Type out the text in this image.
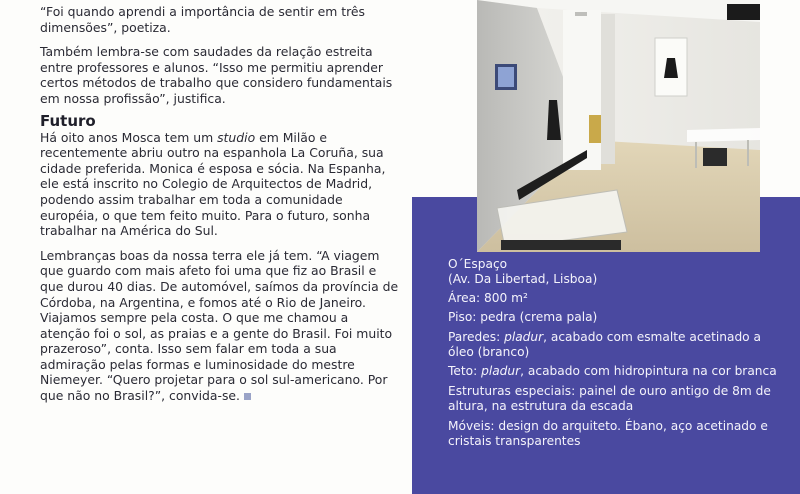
“Foi quando aprendi a importância de sentir em três dimensões”, poetiza.

Também lembra-se com saudades da relação estreita entre professores e alunos. “Isso me permitiu aprender certos métodos de trabalho que considero fundamentais em nossa profissão”, justifica.

Futuro

Há oito anos Mosca tem um studio em Milão e recentemente abriu outro na espanhola La Coruña, sua cidade preferida. Monica é esposa e sócia. Na Espanha, ele está inscrito no Colegio de Arquitectos de Madrid, podendo assim trabalhar em toda a comunidade européia, o que tem feito muito. Para o futuro, sonha trabalhar na América do Sul.

Lembranças boas da nossa terra ele já tem. “A viagem que guardo com mais afeto foi uma que fiz ao Brasil e que durou 40 dias. De automóvel, saímos da província de Córdoba, na Argentina, e fomos até o Rio de Janeiro. Viajamos sempre pela costa. O que me chamou a atenção foi o sol, as praias e a gente do Brasil. Foi muito prazeroso”, conta. Isso sem falar em toda a sua admiração pelas formas e luminosidade do mestre Niemeyer. “Quero projetar para o sol sul-americano. Por que não no Brasil?”, convida-se.

O´Espaço
(Av. Da Libertad, Lisboa)
Área: 800 m²
Piso: pedra (crema pala)
Paredes: pladur, acabado com esmalte acetinado a óleo (branco)
Teto: pladur, acabado com hidropintura na cor branca
Estruturas especiais: painel de ouro antigo de 8m de altura, na estrutura da escada
Móveis: design do arquiteto. Ébano, aço acetinado e cristais transparentes
